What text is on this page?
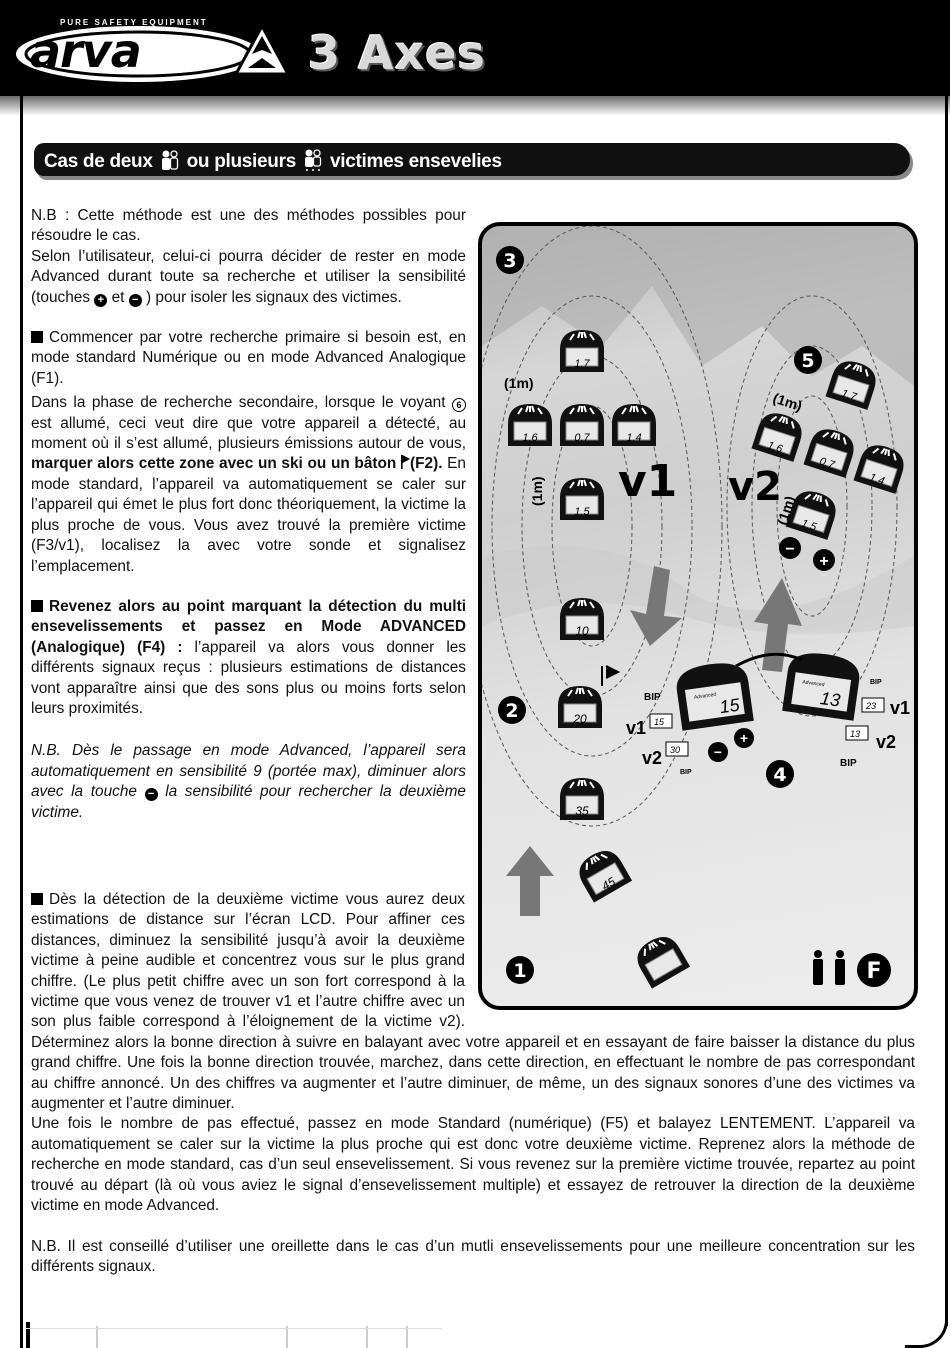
PURE SAFETY EQUIPMENT
arva	3 Axes
Cas de deux ou plusieurs victimes ensevelies

N.B : Cette méthode est une des méthodes possibles pour résoudre le cas.

Selon l’utilisateur, celui-ci pourra décider de rester en mode Advanced durant toute sa recherche et utiliser la sensibilité (touches + et − ) pour isoler les signaux des victimes.

Commencer par votre recherche primaire si besoin est, en mode standard Numérique ou en mode Advanced Analogique (F1).

Dans la phase de recherche secondaire, lorsque le voyant 6 est allumé, ceci veut dire que votre appareil a détecté, au moment où il s’est allumé, plusieurs émissions autour de vous, marquer alors cette zone avec un ski ou un bâton (F2). En mode standard, l’appareil va automatiquement se caler sur l’appareil qui émet le plus fort donc théoriquement, la victime la plus proche de vous. Vous avez trouvé la première victime (F3/v1), localisez la avec votre sonde et signalisez l’emplacement.

Revenez alors au point marquant la détection du multi ensevelissements et passez en Mode ADVANCED (Analogique) (F4) : l’appareil va alors vous donner les différents signaux reçus : plusieurs estimations de distances vont apparaître ainsi que des sons plus ou moins forts selon leurs proximités.

N.B. Dès le passage en mode Advanced, l’appareil sera automatiquement en sensibilité 9 (portée max), diminuer alors avec la touche − la sensibilité pour rechercher la deuxième victime.

Dès la détection de la deuxième victime vous aurez deux estimations de distance sur l’écran LCD. Pour affiner ces distances, diminuez la sensibilité jusqu’à avoir la deuxième victime à peine audible et concentrez vous sur le plus grand chiffre. (Le plus petit chiffre avec un son fort correspond à la victime que vous venez de trouver v1 et l’autre chiffre avec un son plus faible correspond à l’éloignement de la victime v2). Déterminez alors la bonne direction à suivre en balayant avec votre appareil et en essayant de faire baisser la distance du plus grand chiffre. Une fois la bonne direction trouvée, marchez, dans cette direction, en effectuant le nombre de pas correspondant au chiffre annoncé. Un des chiffres va augmenter et l’autre diminuer, de même, un des signaux sonores d’une des victimes va augmenter et l’autre diminuer.

Une fois le nombre de pas effectué, passez en mode Standard (numérique) (F5) et balayez LENTEMENT. L’appareil va automatiquement se caler sur la victime la plus proche qui est donc votre deuxième victime. Reprenez alors la méthode de recherche en mode standard, cas d’un seul ensevelissement. Si vous revenez sur la première victime trouvée, repartez au point trouvé au départ (là où vous aviez le signal d’ensevelissement multiple) et essayez de retrouver la direction de la deuxième victime en mode Advanced.

N.B. Il est conseillé d’utiliser une oreillette dans le cas d’un mutli ensevelissements pour une meilleure concentration sur les différents signaux.

3
5
2
4
1
1,7
1,6	0,7	1,4
1,5
(1m)
(1m) v1
1,7
1,6
0,7
1,4
1,5
(1m)
(1m)
v2
−
+
10
20
35
45
Advanced 15
Advanced
13
15
30
23
13
v1
v2
v1
v2
BIP
BIP
BIP
BIP
−
+
F
